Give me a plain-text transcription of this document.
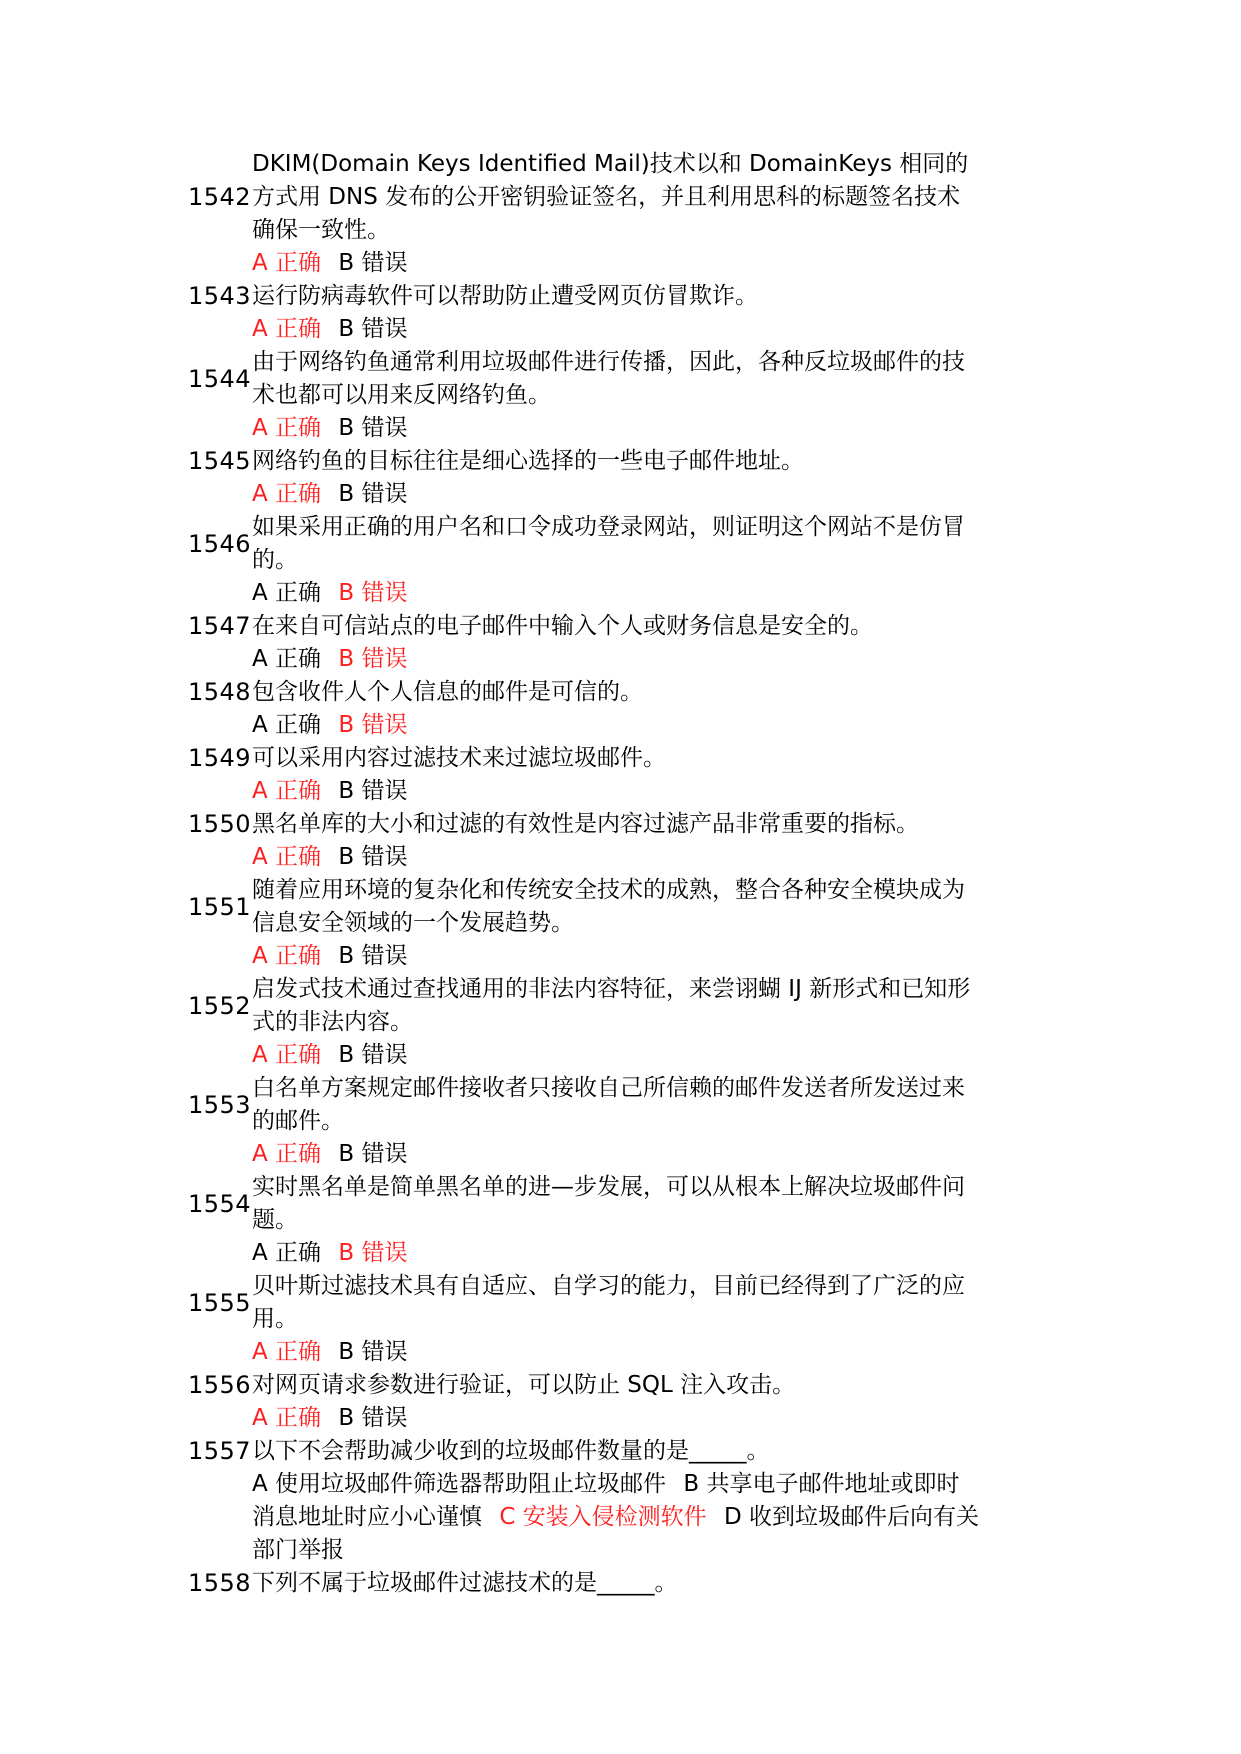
1542
DKIM(Domain Keys Identified Mail)技术以和 DomainKeys 相同的方式用 DNS 发布的公开密钥验证签名，并且利用思科的标题签名技术确保一致性。
A 正确 B 错误
1543 运行防病毒软件可以帮助防止遭受网页仿冒欺诈。
A 正确 B 错误
1544
由于网络钓鱼通常利用垃圾邮件进行传播，因此，各种反垃圾邮件的技术也都可以用来反网络钓鱼。
A 正确 B 错误
1545 网络钓鱼的目标往往是细心选择的一些电子邮件地址。
A 正确 B 错误
1546
如果采用正确的用户名和口令成功登录网站，则证明这个网站不是仿冒的。
A 正确 B 错误
1547 在来自可信站点的电子邮件中输入个人或财务信息是安全的。
A 正确 B 错误
1548 包含收件人个人信息的邮件是可信的。
A 正确 B 错误
1549 可以采用内容过滤技术来过滤垃圾邮件。
A 正确 B 错误
1550 黑名单库的大小和过滤的有效性是内容过滤产品非常重要的指标。
A 正确 B 错误
1551
随着应用环境的复杂化和传统安全技术的成熟，整合各种安全模块成为信息安全领域的一个发展趋势。
A 正确 B 错误
1552
启发式技术通过查找通用的非法内容特征，来尝诩蝴 IJ 新形式和已知形式的非法内容。
A 正确 B 错误
1553
白名单方案规定邮件接收者只接收自己所信赖的邮件发送者所发送过来的邮件。
A 正确 B 错误
1554
实时黑名单是简单黑名单的进—步发展，可以从根本上解决垃圾邮件问题。
A 正确 B 错误
1555
贝叶斯过滤技术具有自适应、自学习的能力，目前已经得到了广泛的应用。
A 正确 B 错误
1556 对网页请求参数进行验证，可以防止 SQL 注入攻击。
A 正确 B 错误
1557 以下不会帮助减少收到的垃圾邮件数量的是_____。
A 使用垃圾邮件筛选器帮助阻止垃圾邮件 B 共享电子邮件地址或即时消息地址时应小心谨慎 C 安装入侵检测软件 D 收到垃圾邮件后向有关部门举报
1558 下列不属于垃圾邮件过滤技术的是_____。
